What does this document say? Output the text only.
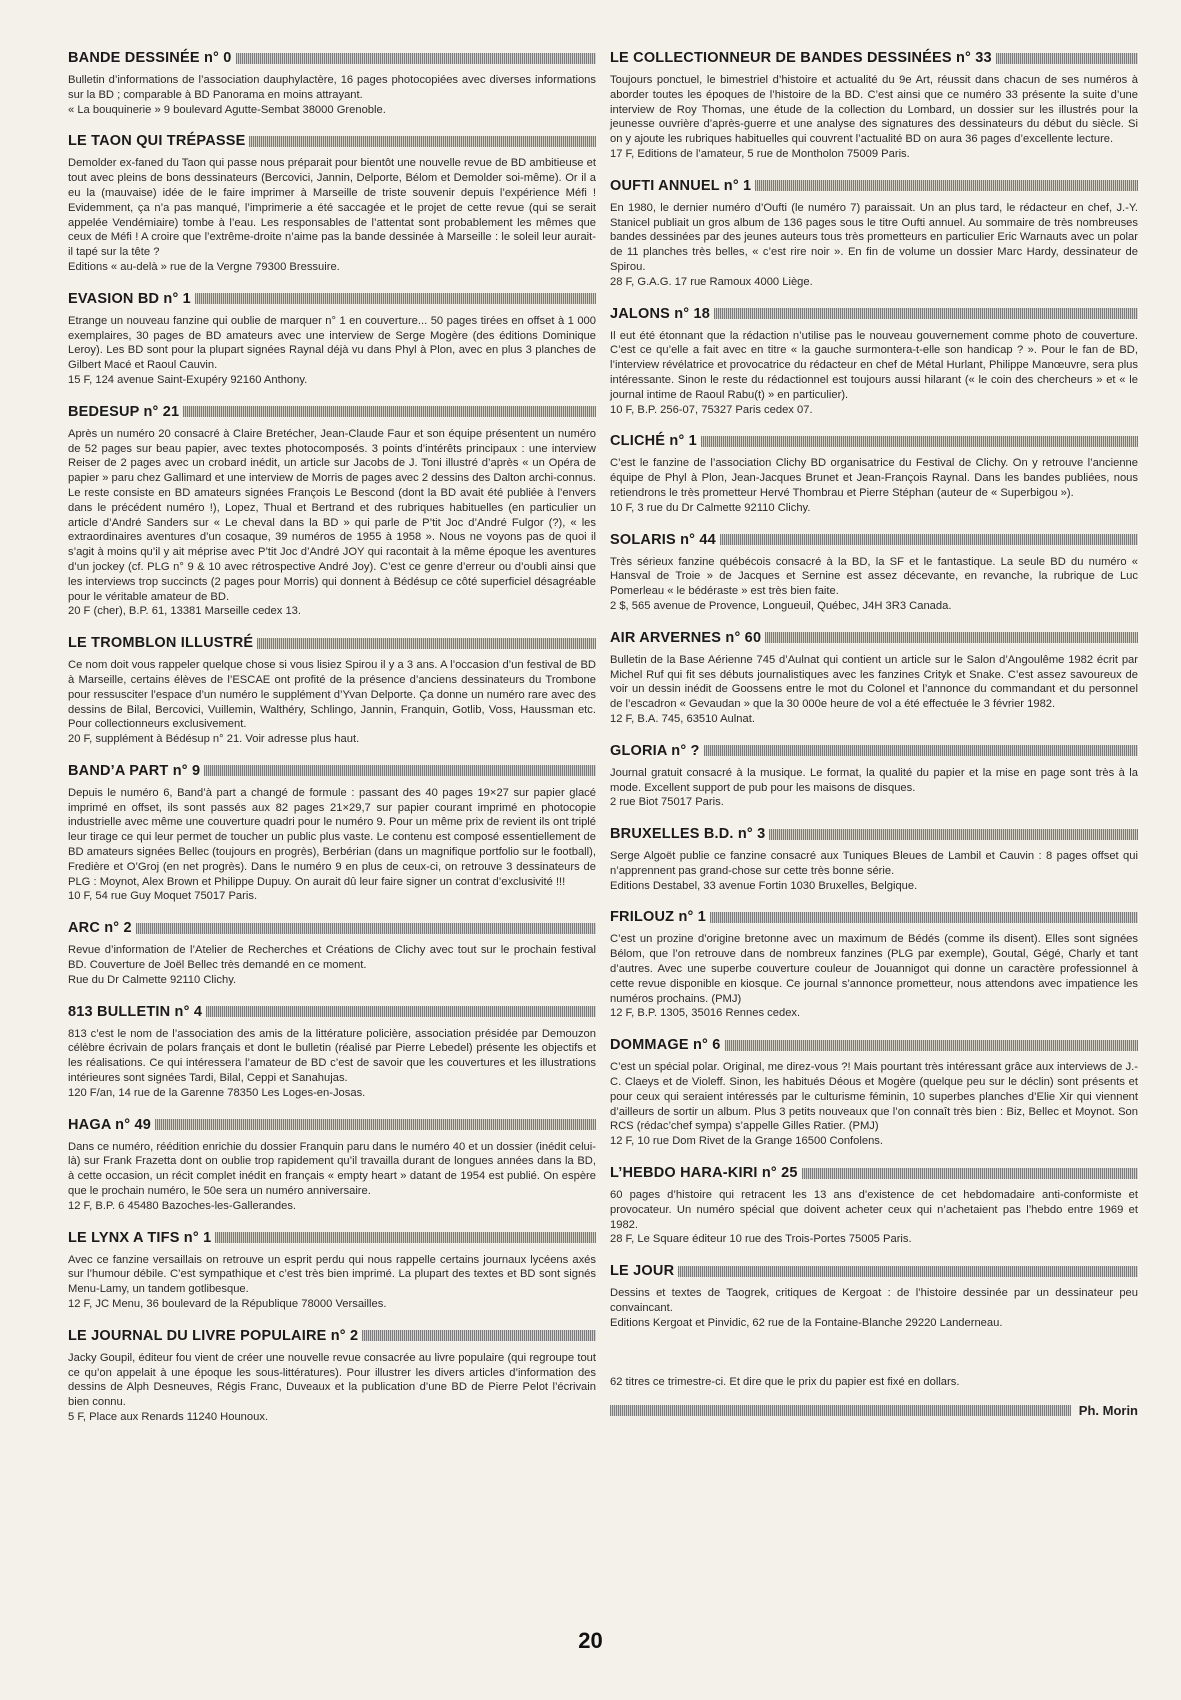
BANDE DESSINÉE n° 0
Bulletin d’informations de l’association dauphylactère, 16 pages photocopiées avec diverses informations sur la BD ; comparable à BD Panorama en moins attrayant.
« La bouquinerie » 9 boulevard Agutte-Sembat 38000 Grenoble.
LE TAON QUI TRÉPASSE
Demolder ex-faned du Taon qui passe nous préparait pour bientôt une nouvelle revue de BD ambitieuse et tout avec pleins de bons dessinateurs (Bercovici, Jannin, Delporte, Bélom et Demolder soi-même). Or il a eu la (mauvaise) idée de le faire imprimer à Marseille de triste souvenir depuis l’expérience Méfi ! Evidemment, ça n’a pas manqué, l’imprimerie a été saccagée et le projet de cette revue (qui se serait appelée Vendémiaire) tombe à l’eau. Les responsables de l’attentat sont probablement les mêmes que ceux de Méfi ! A croire que l’extrême-droite n’aime pas la bande dessinée à Marseille : le soleil leur aurait-il tapé sur la tête ?
Editions « au-delà » rue de la Vergne 79300 Bressuire.
EVASION BD n° 1
Etrange un nouveau fanzine qui oublie de marquer n° 1 en couverture... 50 pages tirées en offset à 1 000 exemplaires, 30 pages de BD amateurs avec une interview de Serge Mogère (des éditions Dominique Leroy). Les BD sont pour la plupart signées Raynal déjà vu dans Phyl à Plon, avec en plus 3 planches de Gilbert Macé et Raoul Cauvin.
15 F, 124 avenue Saint-Exupéry 92160 Anthony.
BEDESUP n° 21
Après un numéro 20 consacré à Claire Bretécher, Jean-Claude Faur et son équipe présentent un numéro de 52 pages sur beau papier, avec textes photocomposés. 3 points d’intérêts principaux : une interview Reiser de 2 pages avec un crobard inédit, un article sur Jacobs de J. Toni illustré d’après « un Opéra de papier » paru chez Gallimard et une interview de Morris de pages avec 2 dessins des Dalton archi-connus. Le reste consiste en BD amateurs signées François Le Bescond (dont la BD avait été publiée à l’envers dans le précédent numéro !), Lopez, Thual et Bertrand et des rubriques habituelles (en particulier un article d’André Sanders sur « Le cheval dans la BD » qui parle de P’tit Joc d’André Fulgor (?), « les extraordinaires aventures d’un cosaque, 39 numéros de 1955 à 1958 ». Nous ne voyons pas de quoi il s’agit à moins qu’il y ait méprise avec P’tit Joc d’André JOY qui racontait à la même époque les aventures d’un jockey (cf. PLG n° 9 & 10 avec rétrospective André Joy). C’est ce genre d’erreur ou d’oubli ainsi que les interviews trop succincts (2 pages pour Morris) qui donnent à Bédésup ce côté superficiel désagréable pour le véritable amateur de BD.
20 F (cher), B.P. 61, 13381 Marseille cedex 13.
LE TROMBLON ILLUSTRÉ
Ce nom doit vous rappeler quelque chose si vous lisiez Spirou il y a 3 ans. A l’occasion d’un festival de BD à Marseille, certains élèves de l’ESCAE ont profité de la présence d’anciens dessinateurs du Trombone pour ressusciter l’espace d’un numéro le supplément d’Yvan Delporte. Ça donne un numéro rare avec des dessins de Bilal, Bercovici, Vuillemin, Walthéry, Schlingo, Jannin, Franquin, Gotlib, Voss, Haussman etc. Pour collectionneurs exclusivement.
20 F, supplément à Bédésup n° 21. Voir adresse plus haut.
BAND’A PART n° 9
Depuis le numéro 6, Band’à part a changé de formule : passant des 40 pages 19×27 sur papier glacé imprimé en offset, ils sont passés aux 82 pages 21×29,7 sur papier courant imprimé en photocopie industrielle avec même une couverture quadri pour le numéro 9. Pour un même prix de revient ils ont triplé leur tirage ce qui leur permet de toucher un public plus vaste. Le contenu est composé essentiellement de BD amateurs signées Bellec (toujours en progrès), Berbérian (dans un magnifique portfolio sur le football), Fredière et O’Groj (en net progrès). Dans le numéro 9 en plus de ceux-ci, on retrouve 3 dessinateurs de PLG : Moynot, Alex Brown et Philippe Dupuy. On aurait dû leur faire signer un contrat d’exclusivité !!!
10 F, 54 rue Guy Moquet 75017 Paris.
ARC n° 2
Revue d’information de l’Atelier de Recherches et Créations de Clichy avec tout sur le prochain festival BD. Couverture de Joël Bellec très demandé en ce moment.
Rue du Dr Calmette 92110 Clichy.
813 BULLETIN n° 4
813 c’est le nom de l’association des amis de la littérature policière, association présidée par Demouzon célèbre écrivain de polars français et dont le bulletin (réalisé par Pierre Lebedel) présente les objectifs et les réalisations. Ce qui intéressera l’amateur de BD c’est de savoir que les couvertures et les illustrations intérieures sont signées Tardi, Bilal, Ceppi et Sanahujas.
120 F/an, 14 rue de la Garenne 78350 Les Loges-en-Josas.
HAGA n° 49
Dans ce numéro, réédition enrichie du dossier Franquin paru dans le numéro 40 et un dossier (inédit celui-là) sur Frank Frazetta dont on oublie trop rapidement qu’il travailla durant de longues années dans la BD, à cette occasion, un récit complet inédit en français « empty heart » datant de 1954 est publié. On espère que le prochain numéro, le 50e sera un numéro anniversaire.
12 F, B.P. 6 45480 Bazoches-les-Gallerandes.
LE LYNX A TIFS n° 1
Avec ce fanzine versaillais on retrouve un esprit perdu qui nous rappelle certains journaux lycéens axés sur l’humour débile. C’est sympathique et c’est très bien imprimé. La plupart des textes et BD sont signés Menu-Lamy, un tandem gotlibesque.
12 F, JC Menu, 36 boulevard de la République 78000 Versailles.
LE JOURNAL DU LIVRE POPULAIRE n° 2
Jacky Goupil, éditeur fou vient de créer une nouvelle revue consacrée au livre populaire (qui regroupe tout ce qu’on appelait à une époque les sous-littératures). Pour illustrer les divers articles d’information des dessins de Alph Desneuves, Régis Franc, Duveaux et la publication d’une BD de Pierre Pelot l’écrivain bien connu.
5 F, Place aux Renards 11240 Hounoux.
LE COLLECTIONNEUR DE BANDES DESSINÉES n° 33
Toujours ponctuel, le bimestriel d’histoire et actualité du 9e Art, réussit dans chacun de ses numéros à aborder toutes les époques de l’histoire de la BD. C’est ainsi que ce numéro 33 présente la suite d’une interview de Roy Thomas, une étude de la collection du Lombard, un dossier sur les illustrés pour la jeunesse ouvrière d’après-guerre et une analyse des signatures des dessinateurs du début du siècle. Si on y ajoute les rubriques habituelles qui couvrent l’actualité BD on aura 36 pages d’excellente lecture.
17 F, Editions de l’amateur, 5 rue de Montholon 75009 Paris.
OUFTI ANNUEL n° 1
En 1980, le dernier numéro d’Oufti (le numéro 7) paraissait. Un an plus tard, le rédacteur en chef, J.-Y. Stanicel publiait un gros album de 136 pages sous le titre Oufti annuel. Au sommaire de très nombreuses bandes dessinées par des jeunes auteurs tous très prometteurs en particulier Eric Warnauts avec un polar de 11 planches très belles, « c’est rire noir ». En fin de volume un dossier Marc Hardy, dessinateur de Spirou.
28 F, G.A.G. 17 rue Ramoux 4000 Liège.
JALONS n° 18
Il eut été étonnant que la rédaction n’utilise pas le nouveau gouvernement comme photo de couverture. C’est ce qu’elle a fait avec en titre « la gauche surmontera-t-elle son handicap ? ». Pour le fan de BD, l’interview révélatrice et provocatrice du rédacteur en chef de Métal Hurlant, Philippe Manœuvre, sera plus intéressante. Sinon le reste du rédactionnel est toujours aussi hilarant (« le coin des chercheurs » et « le journal intime de Raoul Rabu(t) » en particulier).
10 F, B.P. 256-07, 75327 Paris cedex 07.
CLICHÉ n° 1
C’est le fanzine de l’association Clichy BD organisatrice du Festival de Clichy. On y retrouve l’ancienne équipe de Phyl à Plon, Jean-Jacques Brunet et Jean-François Raynal. Dans les bandes publiées, nous retiendrons le très prometteur Hervé Thombrau et Pierre Stéphan (auteur de « Superbigou »).
10 F, 3 rue du Dr Calmette 92110 Clichy.
SOLARIS n° 44
Très sérieux fanzine québécois consacré à la BD, la SF et le fantastique. La seule BD du numéro « Hansval de Troie » de Jacques et Sernine est assez décevante, en revanche, la rubrique de Luc Pomerleau « le bédéraste » est très bien faite.
2 $, 565 avenue de Provence, Longueuil, Québec, J4H 3R3 Canada.
AIR ARVERNES n° 60
Bulletin de la Base Aérienne 745 d’Aulnat qui contient un article sur le Salon d’Angoulême 1982 écrit par Michel Ruf qui fit ses débuts journalistiques avec les fanzines Crityk et Snake. C’est assez savoureux de voir un dessin inédit de Goossens entre le mot du Colonel et l’annonce du commandant et du personnel de l’escadron « Gevaudan » que la 30 000e heure de vol a été effectuée le 3 février 1982.
12 F, B.A. 745, 63510 Aulnat.
GLORIA n° ?
Journal gratuit consacré à la musique. Le format, la qualité du papier et la mise en page sont très à la mode. Excellent support de pub pour les maisons de disques.
2 rue Biot 75017 Paris.
BRUXELLES B.D. n° 3
Serge Algoët publie ce fanzine consacré aux Tuniques Bleues de Lambil et Cauvin : 8 pages offset qui n’apprennent pas grand-chose sur cette très bonne série.
Editions Destabel, 33 avenue Fortin 1030 Bruxelles, Belgique.
FRILOUZ n° 1
C’est un prozine d’origine bretonne avec un maximum de Bédés (comme ils disent). Elles sont signées Bélom, que l’on retrouve dans de nombreux fanzines (PLG par exemple), Goutal, Gégé, Charly et tant d’autres. Avec une superbe couverture couleur de Jouannigot qui donne un caractère professionnel à cette revue disponible en kiosque. Ce journal s’annonce prometteur, nous attendons avec impatience les numéros prochains. (PMJ)
12 F, B.P. 1305, 35016 Rennes cedex.
DOMMAGE n° 6
C’est un spécial polar. Original, me direz-vous ?! Mais pourtant très intéressant grâce aux interviews de J.-C. Claeys et de Violeff. Sinon, les habitués Déous et Mogère (quelque peu sur le déclin) sont présents et pour ceux qui seraient intéressés par le culturisme féminin, 10 superbes planches d’Elie Xir qui viennent d’ailleurs de sortir un album. Plus 3 petits nouveaux que l’on connaît très bien : Biz, Bellec et Moynot. Son RCS (rédac’chef sympa) s’appelle Gilles Ratier. (PMJ)
12 F, 10 rue Dom Rivet de la Grange 16500 Confolens.
L’HEBDO HARA-KIRI n° 25
60 pages d’histoire qui retracent les 13 ans d’existence de cet hebdomadaire anti-conformiste et provocateur. Un numéro spécial que doivent acheter ceux qui n’achetaient pas l’hebdo entre 1969 et 1982.
28 F, Le Square éditeur 10 rue des Trois-Portes 75005 Paris.
LE JOUR
Dessins et textes de Taogrek, critiques de Kergoat : de l’histoire dessinée par un dessinateur peu convaincant.
Editions Kergoat et Pinvidic, 62 rue de la Fontaine-Blanche 29220 Landerneau.
62 titres ce trimestre-ci. Et dire que le prix du papier est fixé en dollars.
Ph. Morin
20
